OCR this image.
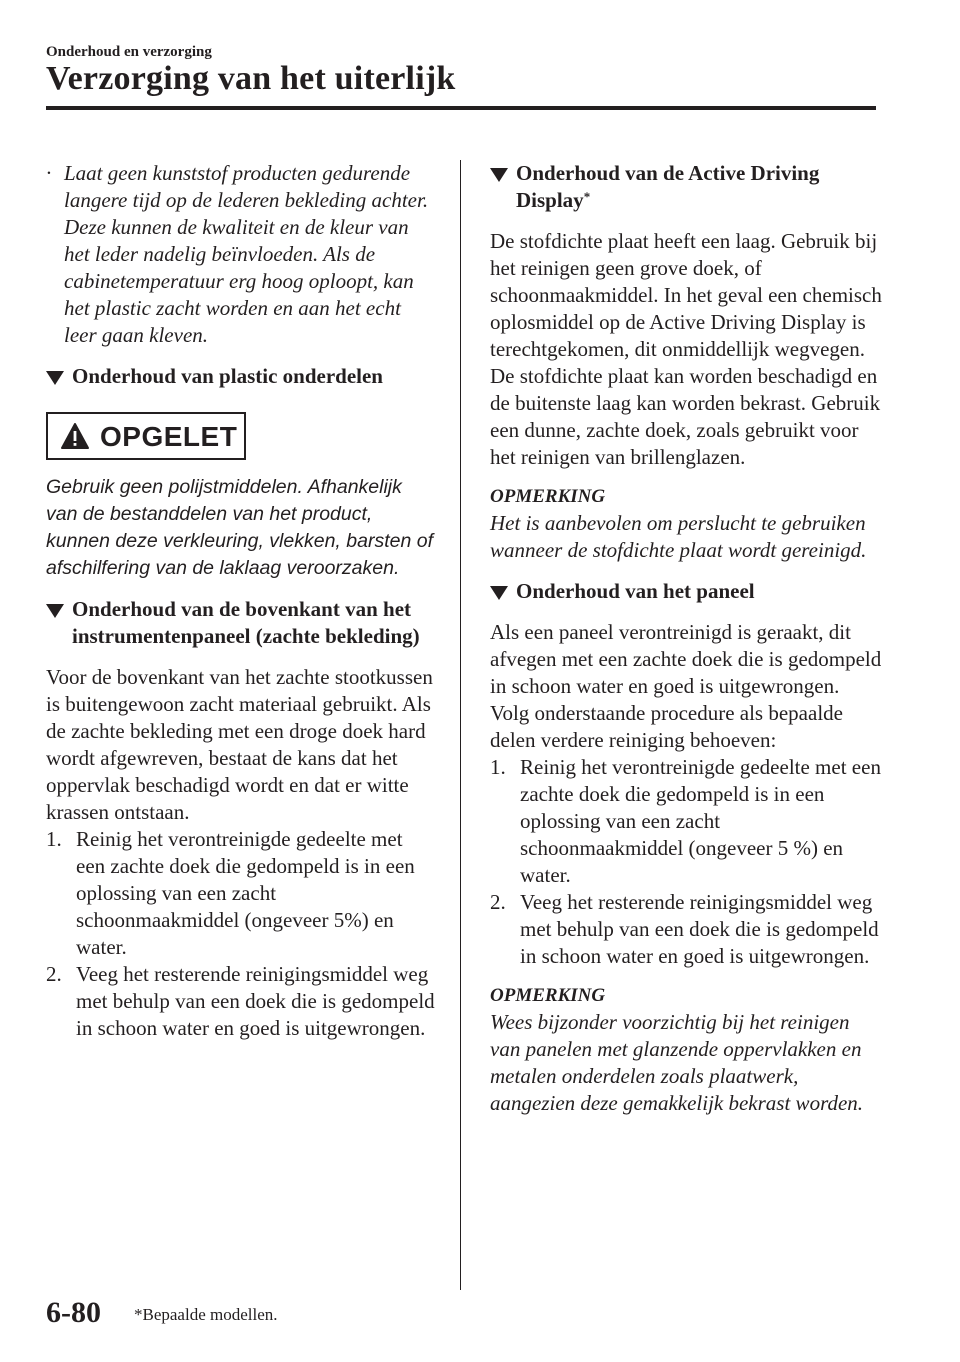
Onderhoud en verzorging
Verzorging van het uiterlijk

· Laat geen kunststof producten gedurende langere tijd op de lederen bekleding achter. Deze kunnen de kwaliteit en de kleur van het leder nadelig beïnvloeden. Als de cabinetemperatuur erg hoog oploopt, kan het plastic zacht worden en aan het echt leer gaan kleven.

Onderhoud van plastic onderdelen
OPGELET

Gebruik geen polijstmiddelen. Afhankelijk van de bestanddelen van het product, kunnen deze verkleuring, vlekken, barsten of afschilfering van de laklaag veroorzaken.

Onderhoud van de bovenkant van het instrumentenpaneel (zachte bekleding)

Voor de bovenkant van het zachte stootkussen is buitengewoon zacht materiaal gebruikt. Als de zachte bekleding met een droge doek hard wordt afgewreven, bestaat de kans dat het oppervlak beschadigd wordt en dat er witte krassen ontstaan.

1. Reinig het verontreinigde gedeelte met een zachte doek die gedompeld is in een oplossing van een zacht schoonmaakmiddel (ongeveer 5%) en water.
2. Veeg het resterende reinigingsmiddel weg met behulp van een doek die is gedompeld in schoon water en goed is uitgewrongen.
Onderhoud van de Active Driving Display*

De stofdichte plaat heeft een laag. Gebruik bij het reinigen geen grove doek, of schoonmaakmiddel. In het geval een chemisch oplosmiddel op de Active Driving Display is terechtgekomen, dit onmiddellijk wegvegen. De stofdichte plaat kan worden beschadigd en de buitenste laag kan worden bekrast. Gebruik een dunne, zachte doek, zoals gebruikt voor het reinigen van brillenglazen.

OPMERKING

Het is aanbevolen om perslucht te gebruiken wanneer de stofdichte plaat wordt gereinigd.

Onderhoud van het paneel

Als een paneel verontreinigd is geraakt, dit afvegen met een zachte doek die is gedompeld in schoon water en goed is uitgewrongen.

Volg onderstaande procedure als bepaalde delen verdere reiniging behoeven:

1. Reinig het verontreinigde gedeelte met een zachte doek die gedompeld is in een oplossing van een zacht schoonmaakmiddel (ongeveer 5 %) en water.
2. Veeg het resterende reinigingsmiddel weg met behulp van een doek die is gedompeld in schoon water en goed is uitgewrongen.

OPMERKING

Wees bijzonder voorzichtig bij het reinigen van panelen met glanzende oppervlakken en metalen onderdelen zoals plaatwerk, aangezien deze gemakkelijk bekrast worden.

6-80 *Bepaalde modellen.
